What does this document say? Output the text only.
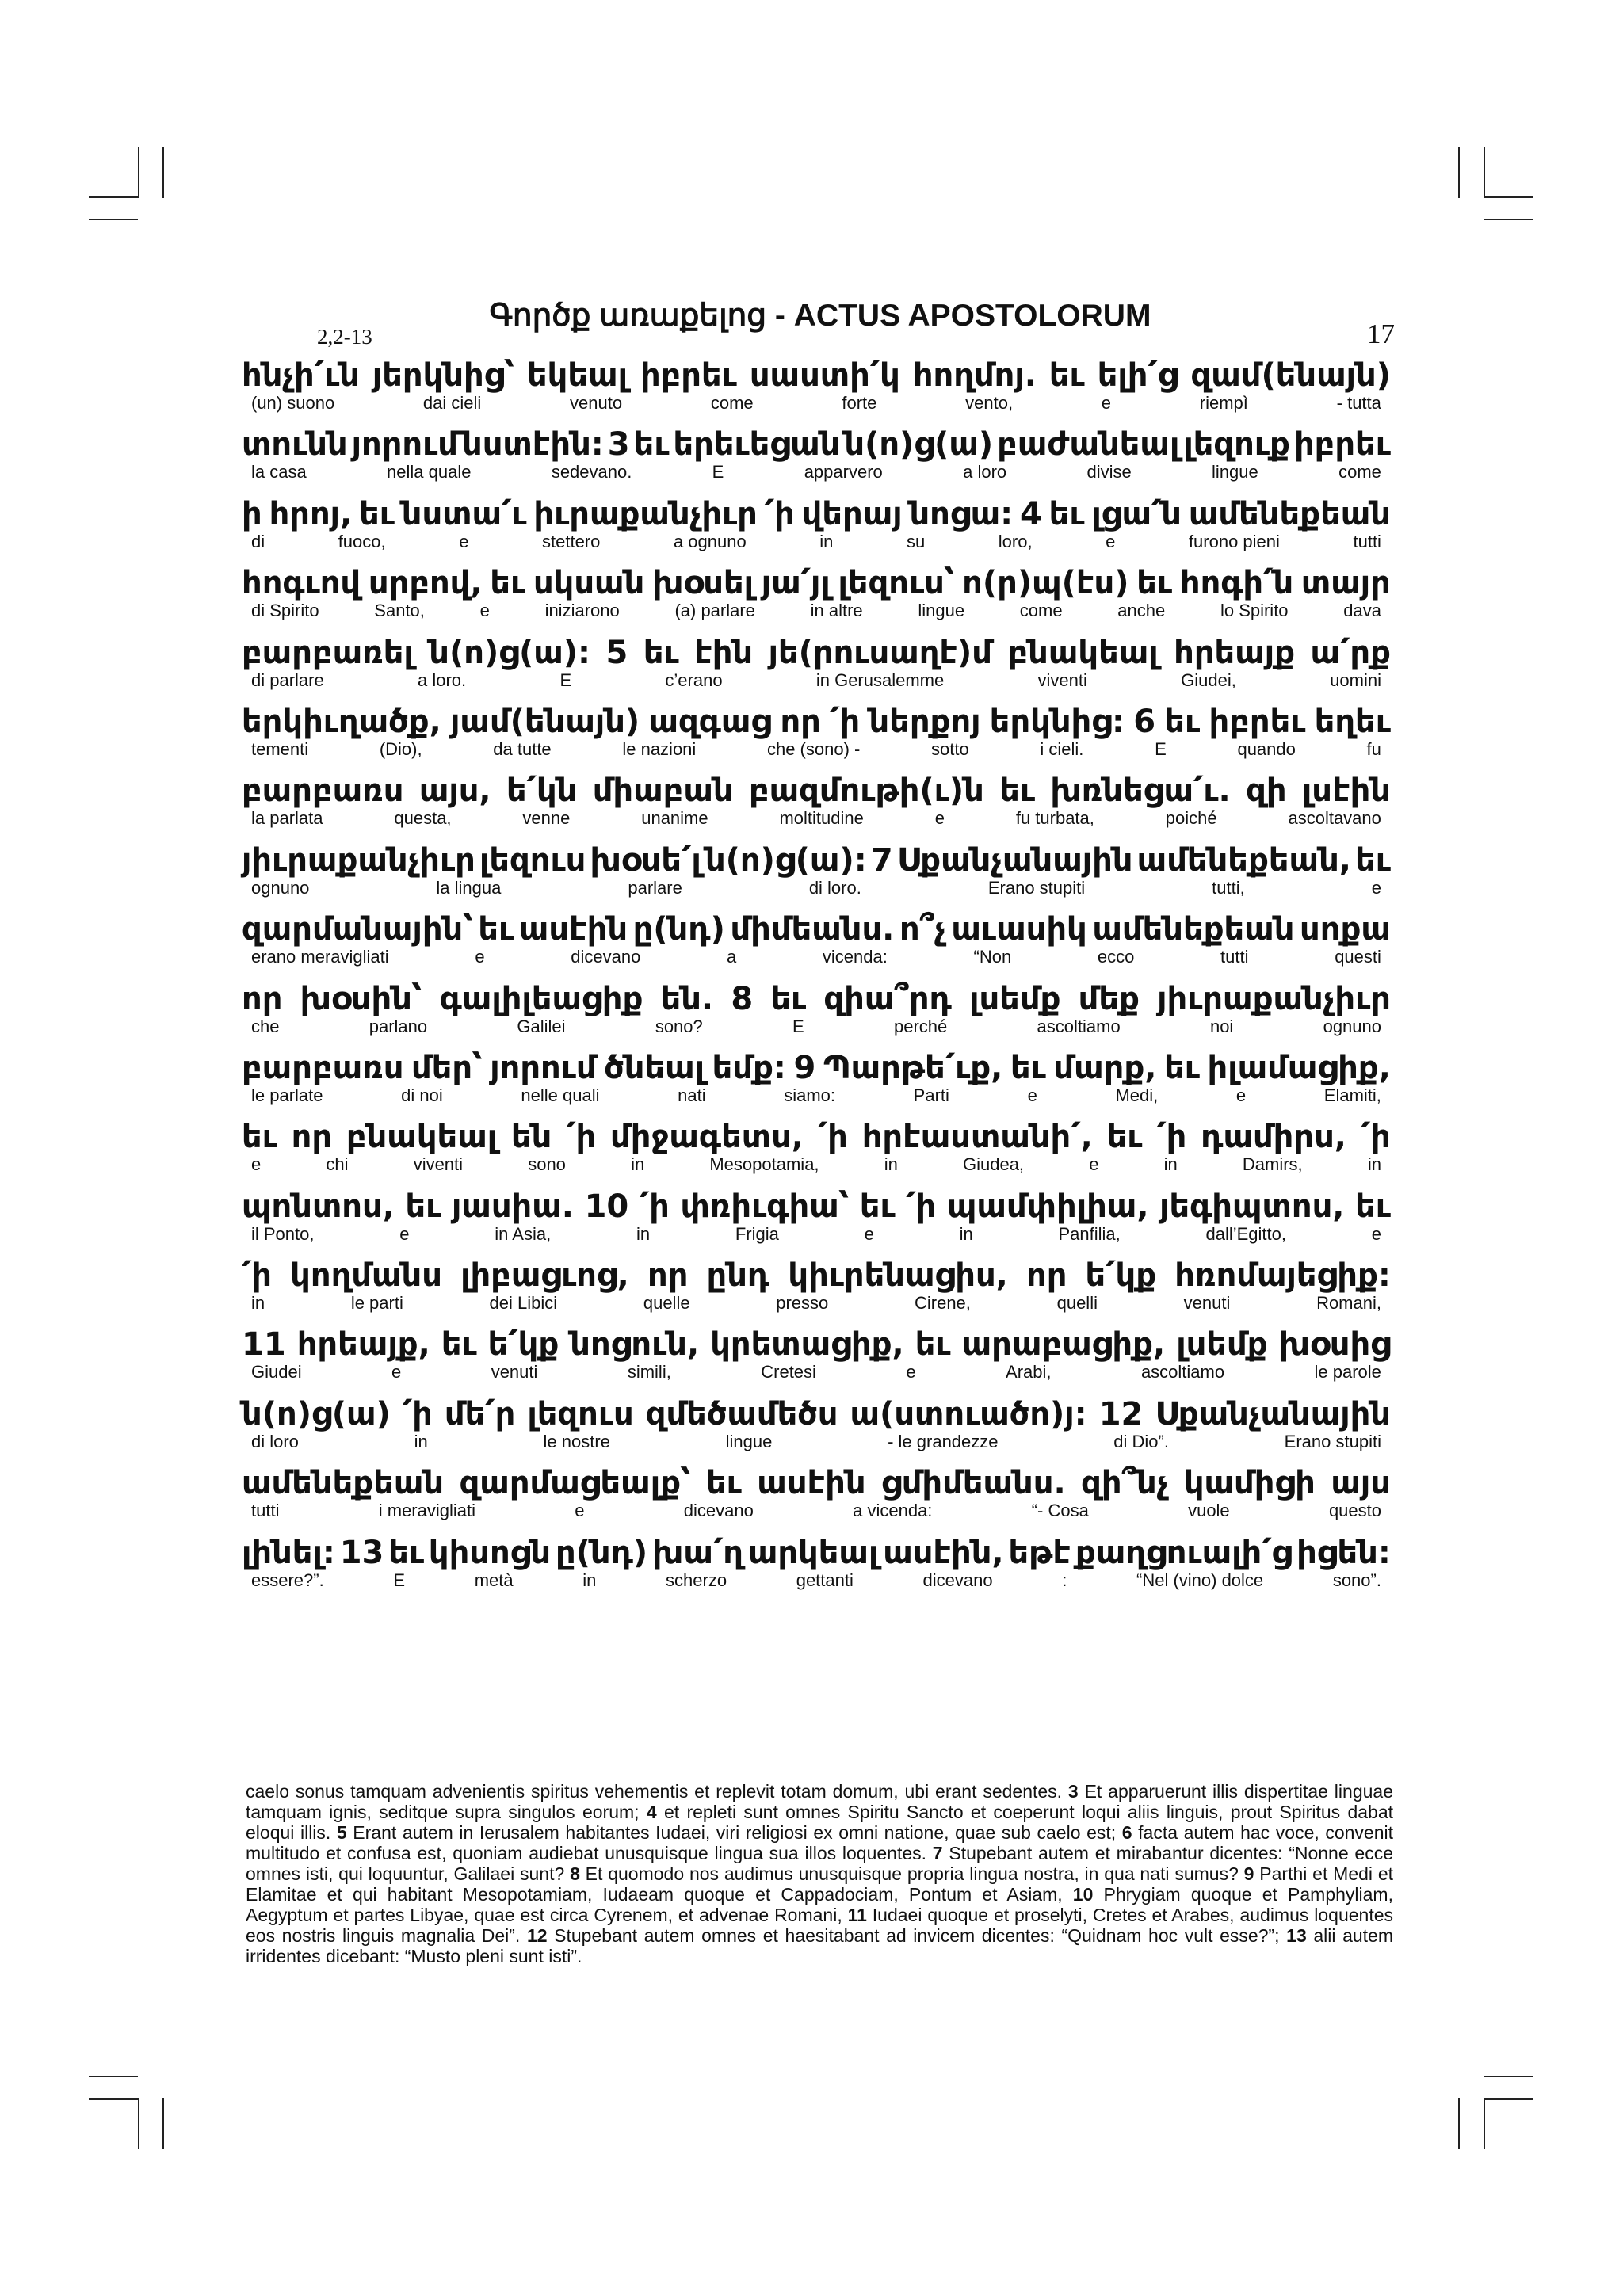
2,2-13
Գործք առաքելոց - ACTUS APOSTOLORUM
17
հնչի՛ւն յերկնից՝ եկեալ իբրեւ սաստի՛կ հողմոյ. եւ ելի՛ց զամ(ենայն)
(un) suono	dai cieli	venuto	come	forte	vento,	e	riempì	- tutta
տունն յորում նստէին: 3 եւ երեւեցան ն(ո)ց(ա) բաժանեալ լեզուք իբրեւ
la casa	nella quale	sedevano.	E	apparvero	a loro	divise	lingue	come
ի հրոյ, եւ նստա՛ւ իւրաքանչիւր ՛ի վերայ նոցա: 4 եւ լցա՛ն ամենեքեան
di	fuoco,	e	stettero	a ognuno	in	su	loro,	e	furono pieni	tutti
հոգւով սրբով, եւ սկսան խօսել յա՛յլ լեզուս՝ ո(ր)պ(էս) եւ հոգի՛ն տայր
di Spirito	Santo,	e	iniziarono	(a) parlare	in altre	lingue	come	anche	lo Spirito	dava
բարբառել ն(ո)ց(ա): 5 եւ էին յե(րուսաղէ)մ բնակեալ հրեայք ա՛րք
di parlare	a loro.	E	c’erano	in Gerusalemme	viventi	Giudei,	uomini
երկիւղածք, յամ(ենայն) ազգաց որ ՛ի ներքոյ երկնից: 6 եւ իբրեւ եղեւ
tementi	(Dio),	da tutte	le nazioni	che (sono) -	sotto	i cieli.	E	quando	fu
բարբառս այս, ե՛կն միաբան բազմութի(ւ)ն եւ խռնեցա՛ւ. զի լսէին
la parlata	questa,	venne	unanime	moltitudine	e	fu turbata,	poiché	ascoltavano
յիւրաքանչիւր լեզուս խօսե՛լ ն(ո)ց(ա): 7 Սքանչանային ամենեքեան, եւ
ognuno	la lingua	parlare	di loro.	Erano stupiti	tutti,	e
զարմանային՝ եւ ասէին ը(նդ) միմեանս. ո՞չ աւասիկ ամենեքեան սոքա
erano meravigliati	e	dicevano	a	vicenda:	“Non	ecco	tutti	questi
որ խօսին՝ գալիլեացիք են. 8 եւ զիա՞րդ լսեմք մեք յիւրաքանչիւր
che	parlano	Galilei	sono?	E	perché	ascoltiamo	noi	ognuno
բարբառս մեր՝ յորում ծնեալ եմք: 9 Պարթե՛ւք, եւ մարք, եւ իլամացիք,
le parlate	di noi	nelle quali	nati	siamo:	Parti	e	Medi,	e	Elamiti,
եւ որ բնակեալ են ՛ի միջագետս, ՛ի հրէաստանի՛, եւ ՛ի դամիրս, ՛ի
e	chi	viventi	sono	in	Mesopotamia,	in	Giudea,	e	in	Damirs,	in
պոնտոս, եւ յասիա. 10 ՛ի փռիւգիա՝ եւ ՛ի պամփիլիա, յեգիպտոս, եւ
il Ponto,	e	in Asia,	in	Frigia	e	in	Panfilia,	dall’Egitto,	e
՛ի կողմանս լիբացւոց, որ ընդ կիւրենացիս, որ ե՛կք հռոմայեցիք:
in	le parti	dei Libici	quelle	presso	Cirene,	quelli	venuti	Romani,
11 հրեայք, եւ ե՛կք նոցուն, կրետացիք, եւ արաբացիք, լսեմք խօսից
Giudei	e	venuti	simili,	Cretesi	e	Arabi,	ascoltiamo	le parole
ն(ո)ց(ա) ՛ի մե՛ր լեզուս զմեծամեծս ա(ստուածո)յ: 12 Սքանչանային
di loro	in	le nostre	lingue	- le grandezze	di Dio”.	Erano stupiti
ամենեքեան զարմացեալք՝ եւ ասէին ցմիմեանս. զի՞նչ կամիցի այս
tutti	i meravigliati	e	dicevano	a vicenda:	“- Cosa	vuole	questo
լինել: 13 եւ կիսոցն ը(նդ) խա՛ղ արկեալ ասէին, եթէ քաղցուալի՛ց իցեն:
essere?”.	E	metà	in	scherzo	gettanti	dicevano	:	“Nel (vino) dolce	sono”.
caelo sonus tamquam advenientis spiritus vehementis et replevit totam domum, ubi erant sedentes. 3 Et apparuerunt illis dispertitae linguae tamquam ignis, seditque supra singulos eorum; 4 et repleti sunt omnes Spiritu Sancto et coeperunt loqui aliis linguis, prout Spiritus dabat eloqui illis. 5 Erant autem in Ierusalem habitantes Iudaei, viri religiosi ex omni natione, quae sub caelo est; 6 facta autem hac voce, convenit multitudo et confusa est, quoniam audiebat unusquisque lingua sua illos loquentes. 7 Stupebant autem et mirabantur dicentes: “Nonne ecce omnes isti, qui loquuntur, Galilaei sunt? 8 Et quomodo nos audimus unusquisque propria lingua nostra, in qua nati sumus? 9 Parthi et Medi et Elamitae et qui habitant Mesopotamiam, Iudaeam quoque et Cappadociam, Pontum et Asiam, 10 Phrygiam quoque et Pamphyliam, Aegyptum et partes Libyae, quae est circa Cyrenem, et advenae Romani, 11 Iudaei quoque et proselyti, Cretes et Arabes, audimus loquentes eos nostris linguis magnalia Dei”. 12 Stupebant autem omnes et haesitabant ad invicem dicentes: “Quidnam hoc vult esse?”; 13 alii autem irridentes dicebant: “Musto pleni sunt isti”.
